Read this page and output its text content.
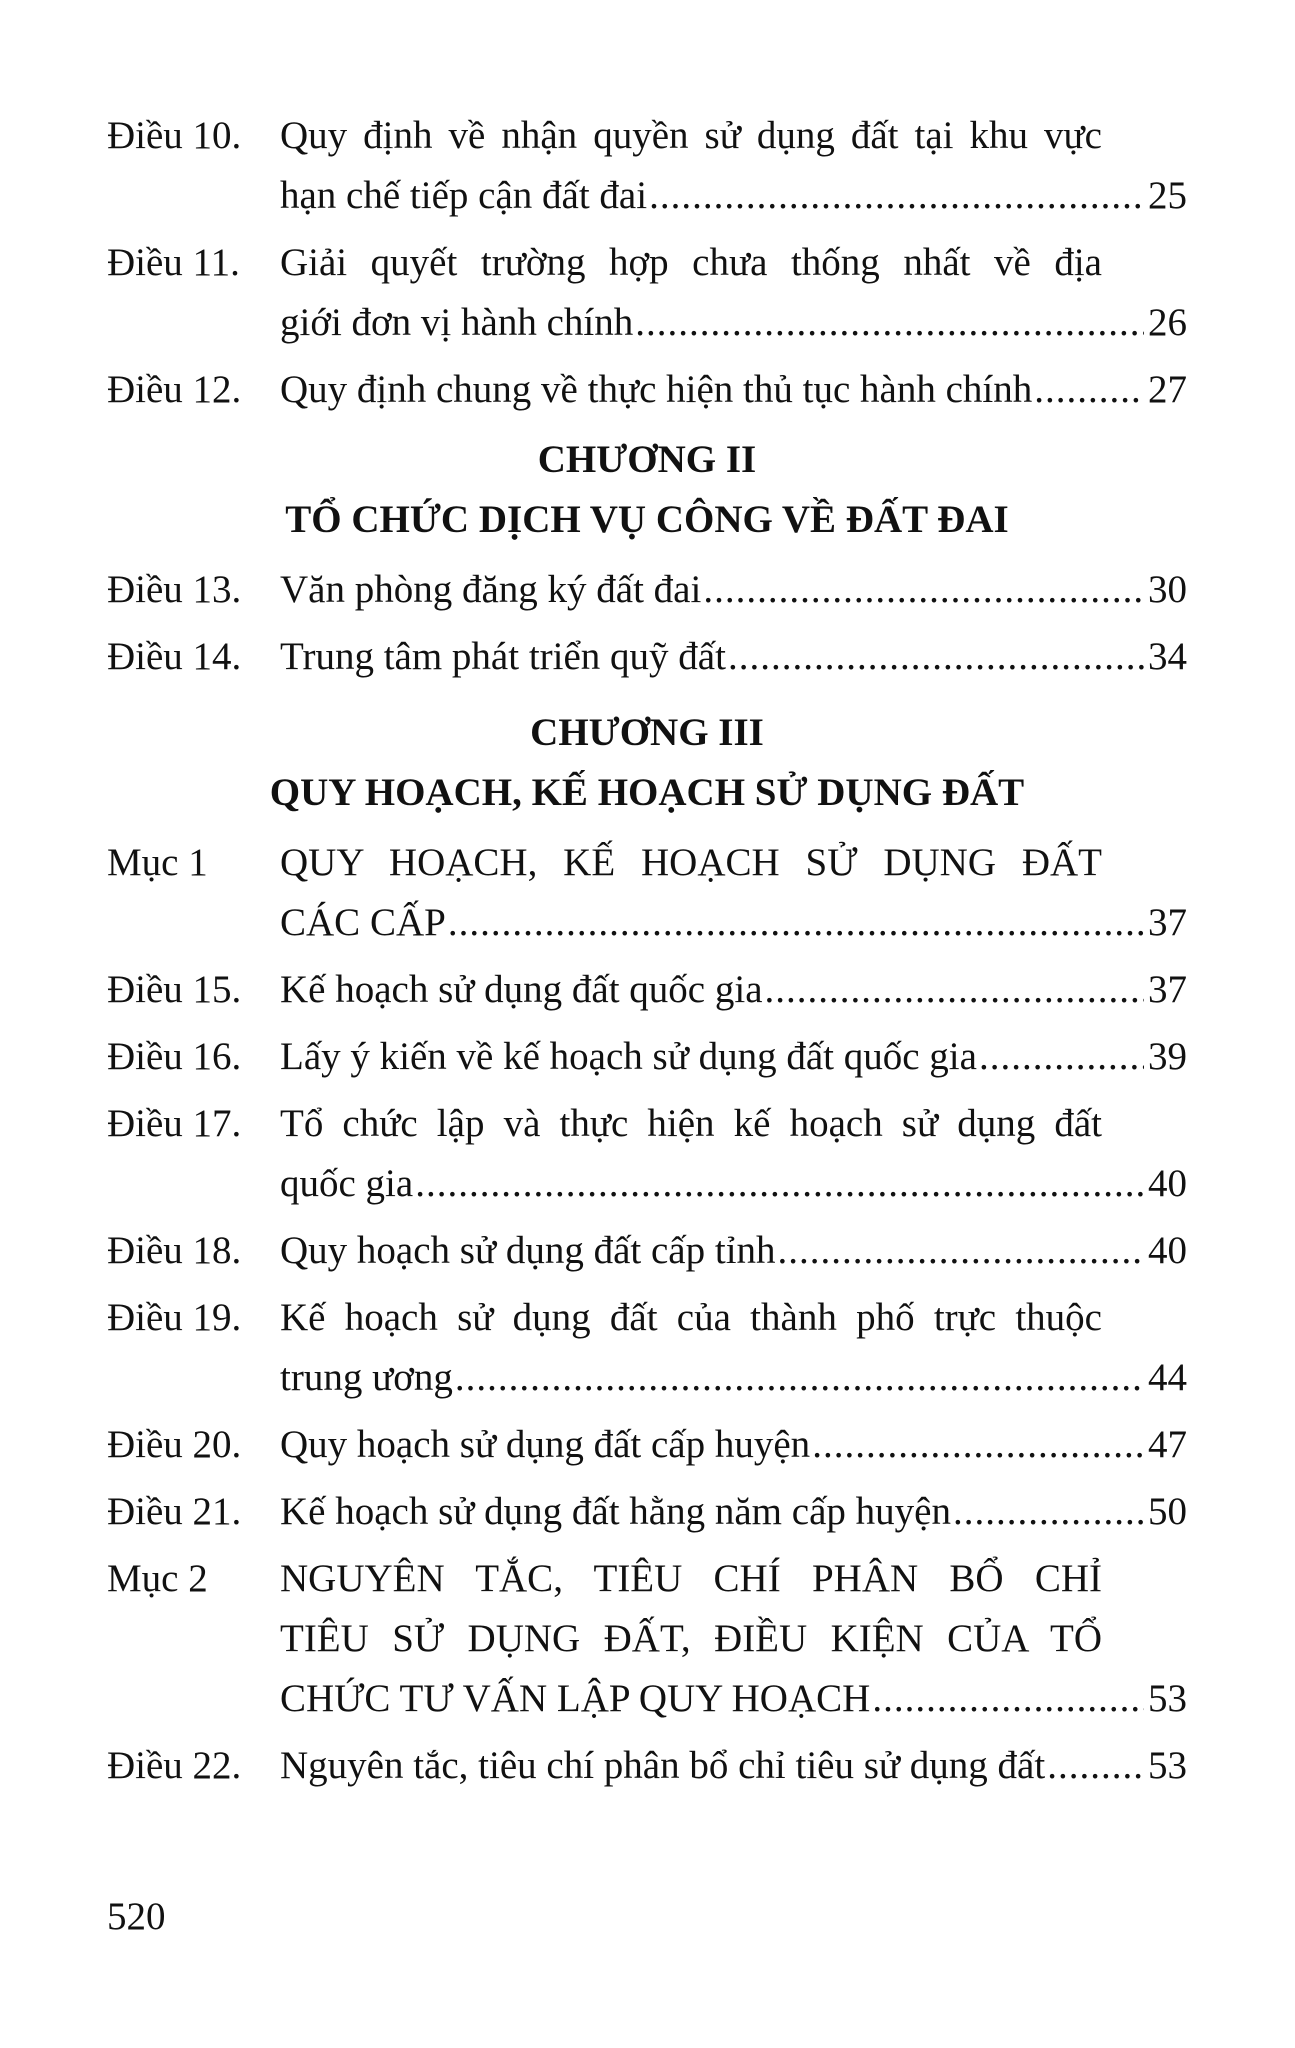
Điều 10. Quy định về nhận quyền sử dụng đất tại khu vực
hạn chế tiếp cận đất đai .....	25
Điều 11.	Giải quyết trường hợp chưa thống nhất về địa
giới đơn vị hành chính .....	26
Điều 12. Quy định chung về thực hiện thủ tục hành chính .....	27
CHƯƠNG II
TỔ CHỨC DỊCH VỤ CÔNG VỀ ĐẤT ĐAI
Điều 13. Văn phòng đăng ký đất đai .....	30
Điều 14. Trung tâm phát triển quỹ đất .....	34
CHƯƠNG III
QUY HOẠCH, KẾ HOẠCH SỬ DỤNG ĐẤT
Mục 1	QUY HOẠCH, KẾ HOẠCH SỬ DỤNG ĐẤT
CÁC CẤP .....	37
Điều 15. Kế hoạch sử dụng đất quốc gia .....	37
Điều 16. Lấy ý kiến về kế hoạch sử dụng đất quốc gia .....	39
Điều 17. Tổ chức lập và thực hiện kế hoạch sử dụng đất
quốc gia .....	40
Điều 18. Quy hoạch sử dụng đất cấp tỉnh .....	40
Điều 19. Kế hoạch sử dụng đất của thành phố trực thuộc
trung ương .....	44
Điều 20. Quy hoạch sử dụng đất cấp huyện .....	47
Điều 21. Kế hoạch sử dụng đất hằng năm cấp huyện .....	50
Mục 2	NGUYÊN TẮC, TIÊU CHÍ PHÂN BỔ CHỈ
TIÊU SỬ DỤNG ĐẤT, ĐIỀU KIỆN CỦA TỔ
CHỨC TƯ VẤN LẬP QUY HOẠCH .....	53
Điều 22. Nguyên tắc, tiêu chí phân bổ chỉ tiêu sử dụng đất .....	53
520
